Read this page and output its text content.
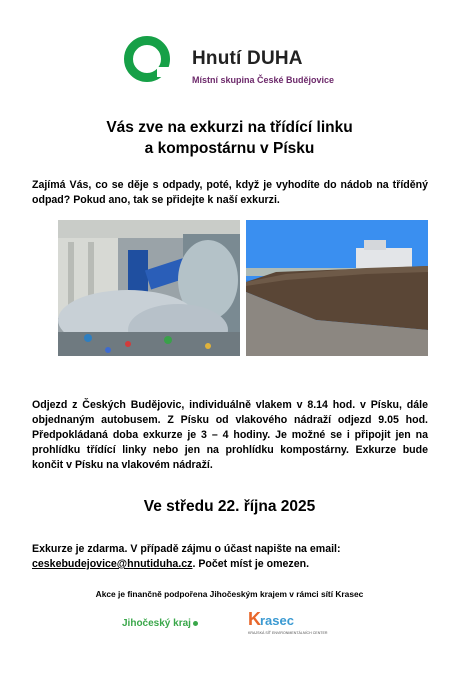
Hnutí DUHA
Místní skupina České Budějovice
Vás zve na exkurzi na třídící linku
a kompostárnu v Písku
Zajímá Vás, co se děje s odpady, poté, když je vyhodíte do nádob na tříděný odpad? Pokud ano, tak se přidejte k naší exkurzi.
Odjezd z Českých Budějovic, individuálně vlakem v 8.14 hod. v Písku, dále objednaným autobusem. Z Písku od vlakového nádraží odjezd 9.05 hod. Předpokládaná doba exkurze je 3 – 4 hodiny. Je možné se i připojit jen na prohlídku třídící linky nebo jen na prohlídku kompostárny. Exkurze bude končit v Písku na vlakovém nádraží.
Ve středu 22. října 2025
Exkurze je zdarma. V případě zájmu o účast napište na email:
ceskebudejovice@hnutiduha.cz. Počet míst je omezen.
Akce je finančně podpořena Jihočeským krajem v rámci sítí Krasec
Jihočeský kraj	K rasec
KRAJSKÁ SÍŤ ENVIRONMENTÁLNÍCH CENTER
